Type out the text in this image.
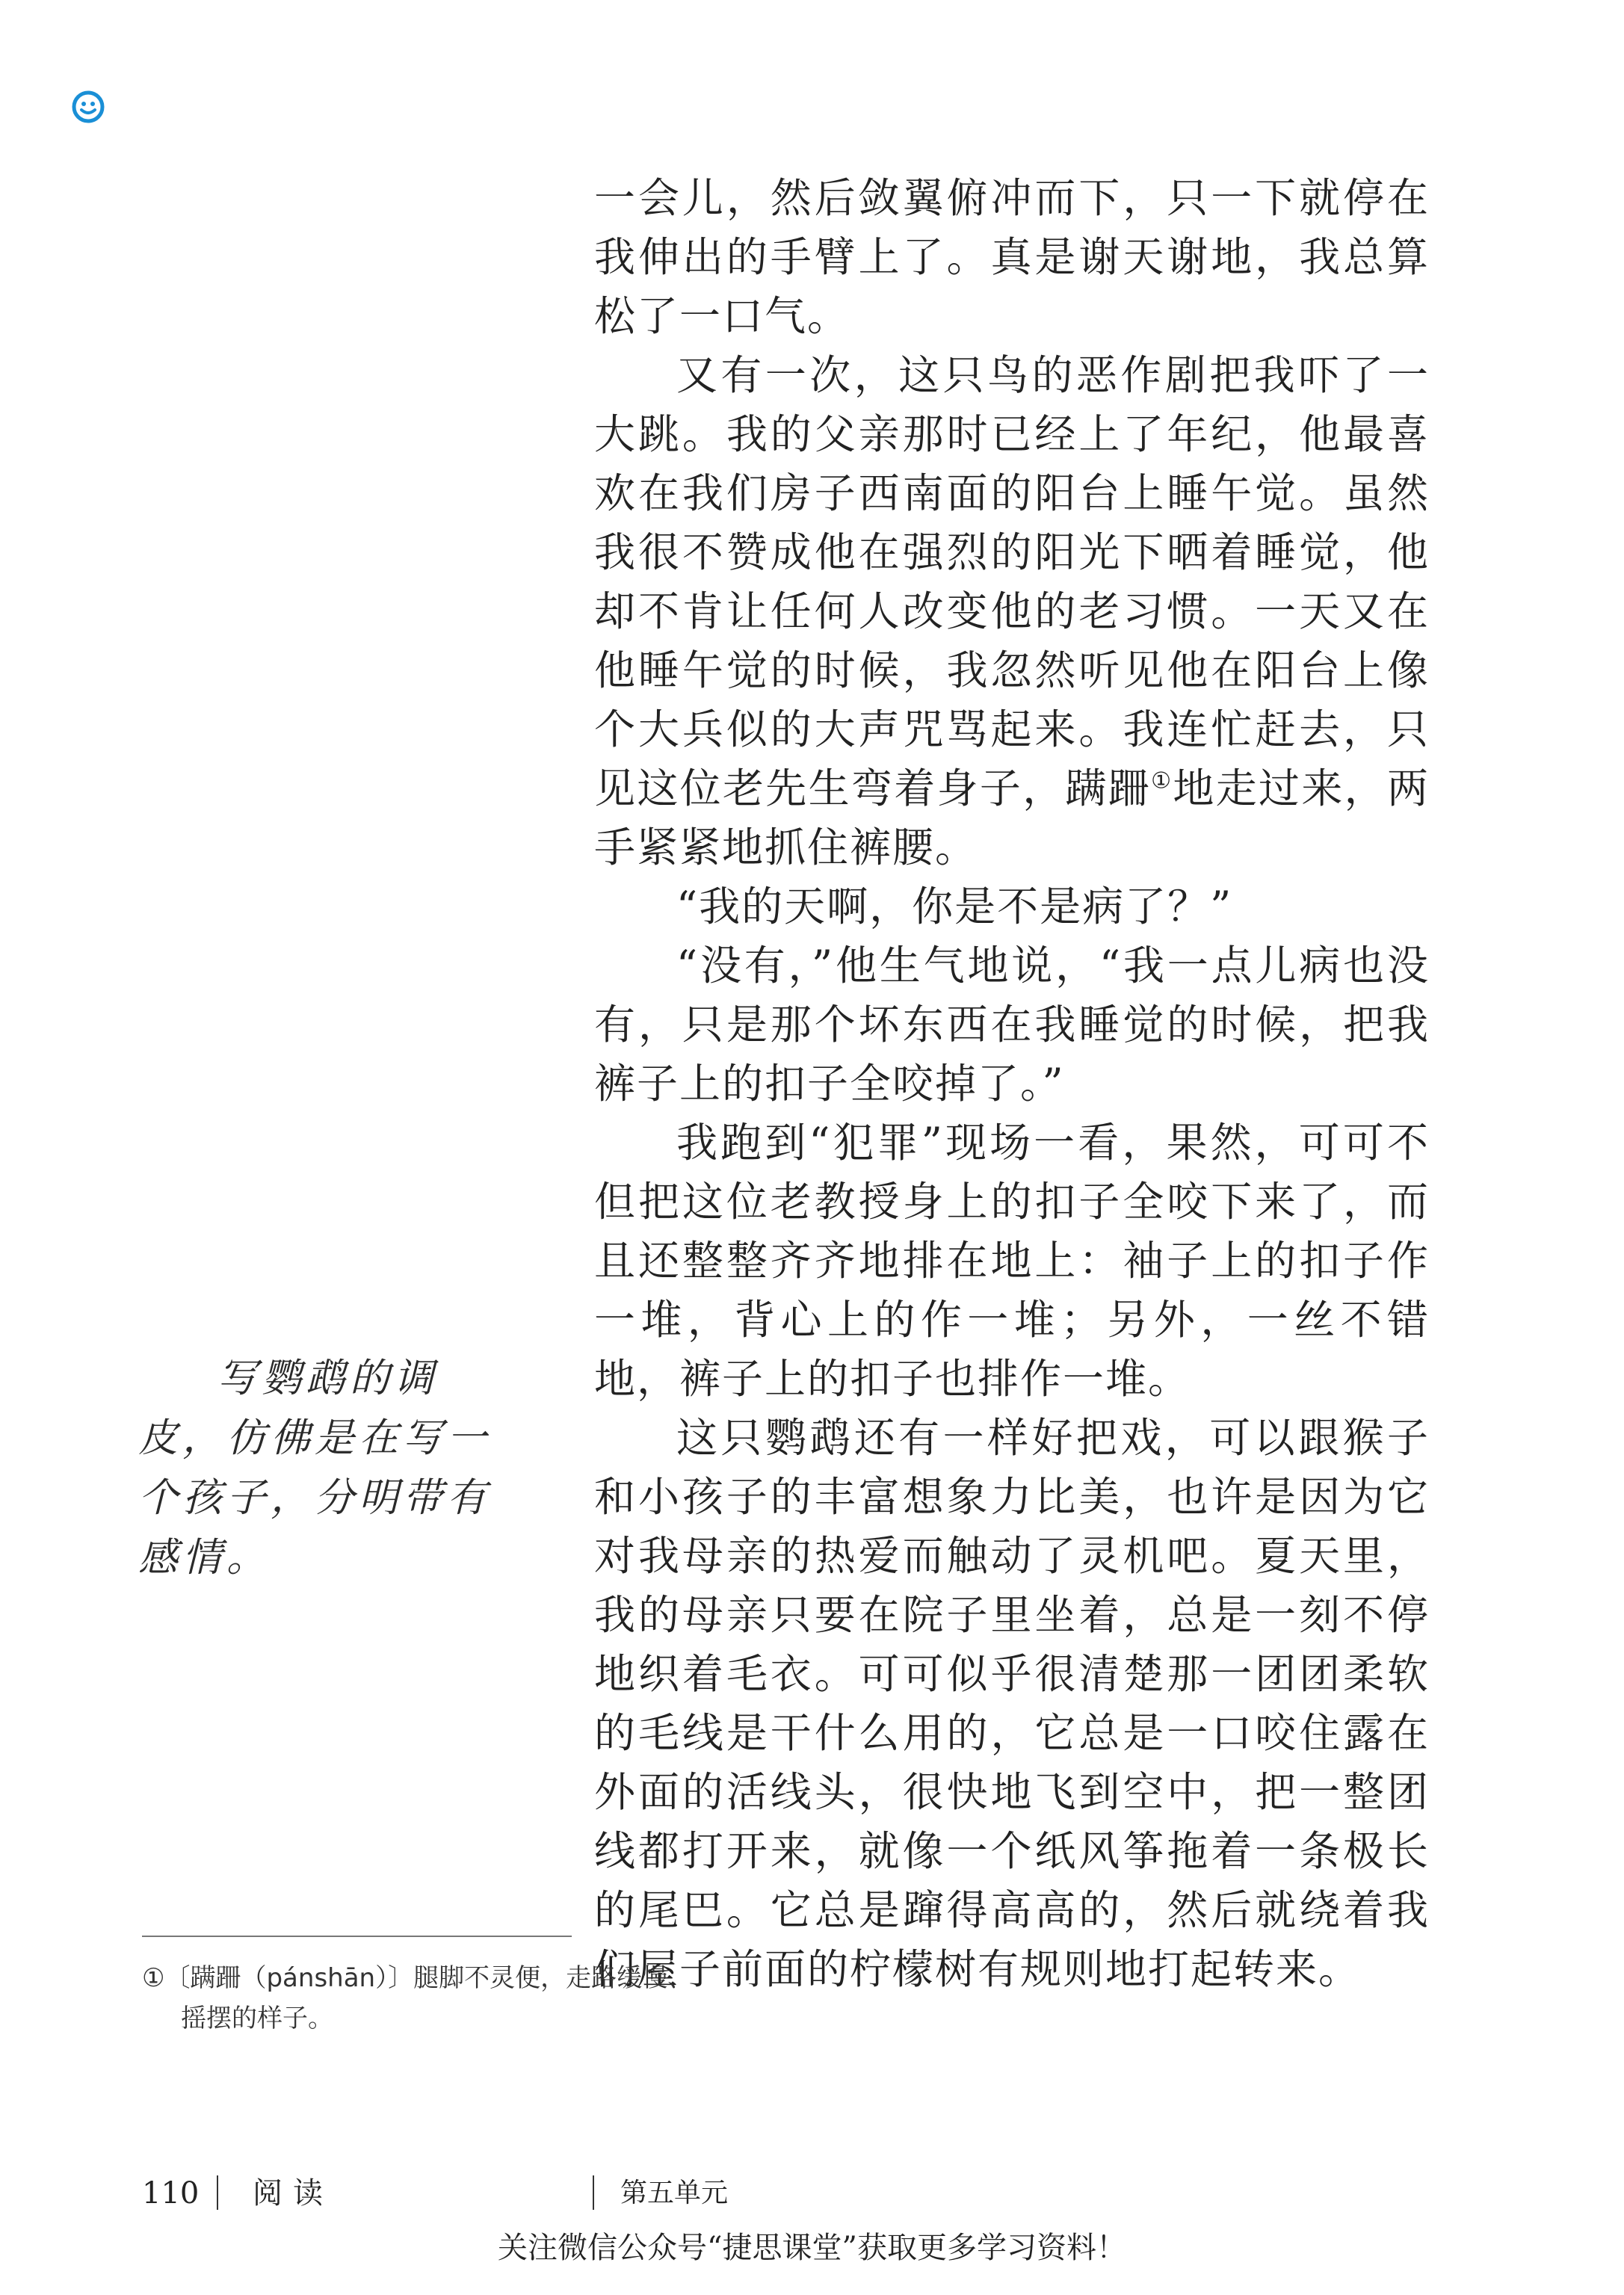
一会儿，然后敛翼俯冲而下，只一下就停在我伸出的手臂上了。真是谢天谢地，我总算松了一口气。

又有一次，这只鸟的恶作剧把我吓了一大跳。我的父亲那时已经上了年纪，他最喜欢在我们房子西南面的阳台上睡午觉。虽然我很不赞成他在强烈的阳光下晒着睡觉，他却不肯让任何人改变他的老习惯。一天又在他睡午觉的时候，我忽然听见他在阳台上像个大兵似的大声咒骂起来。我连忙赶去，只见这位老先生弯着身子，蹒跚①地走过来，两手紧紧地抓住裤腰。

“我的天啊，你是不是病了？”

“没有，”他生气地说，“我一点儿病也没有，只是那个坏东西在我睡觉的时候，把我裤子上的扣子全咬掉了。”

我跑到“犯罪”现场一看，果然，可可不但把这位老教授身上的扣子全咬下来了，而且还整整齐齐地排在地上：袖子上的扣子作一堆，背心上的作一堆；另外，一丝不错地，裤子上的扣子也排作一堆。

这只鹦鹉还有一样好把戏，可以跟猴子和小孩子的丰富想象力比美，也许是因为它对我母亲的热爱而触动了灵机吧。夏天里，我的母亲只要在院子里坐着，总是一刻不停地织着毛衣。可可似乎很清楚那一团团柔软的毛线是干什么用的，它总是一口咬住露在外面的活线头，很快地飞到空中，把一整团线都打开来，就像一个纸风筝拖着一条极长的尾巴。它总是蹿得高高的，然后就绕着我们屋子前面的柠檬树有规则地打起转来。

写鹦鹉的调皮，仿佛是在写一个孩子，分明带有感情。

①〔蹒跚（pánshān）〕腿脚不灵便，走路缓慢、

摇摆的样子。

110 阅读	第五单元
关注微信公众号“捷思课堂”获取更多学习资料！
